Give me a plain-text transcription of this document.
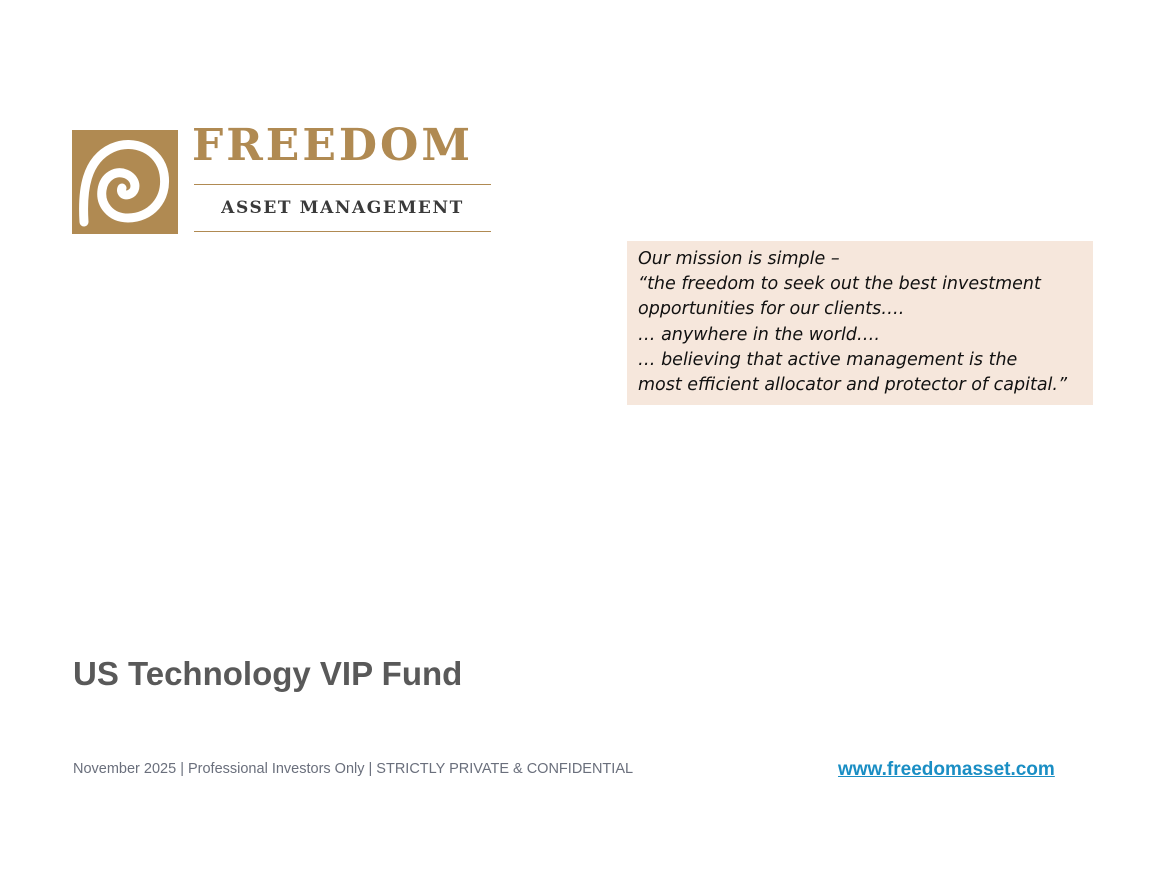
FREEDOM
ASSET MANAGEMENT
Our mission is simple –
“the freedom to seek out the best investment
opportunities for our clients….
… anywhere in the world….
… believing that active management is the
most efficient allocator and protector of capital.”
US Technology VIP Fund
November 2025 | Professional Investors Only | STRICTLY PRIVATE & CONFIDENTIAL	www.freedomasset.com
